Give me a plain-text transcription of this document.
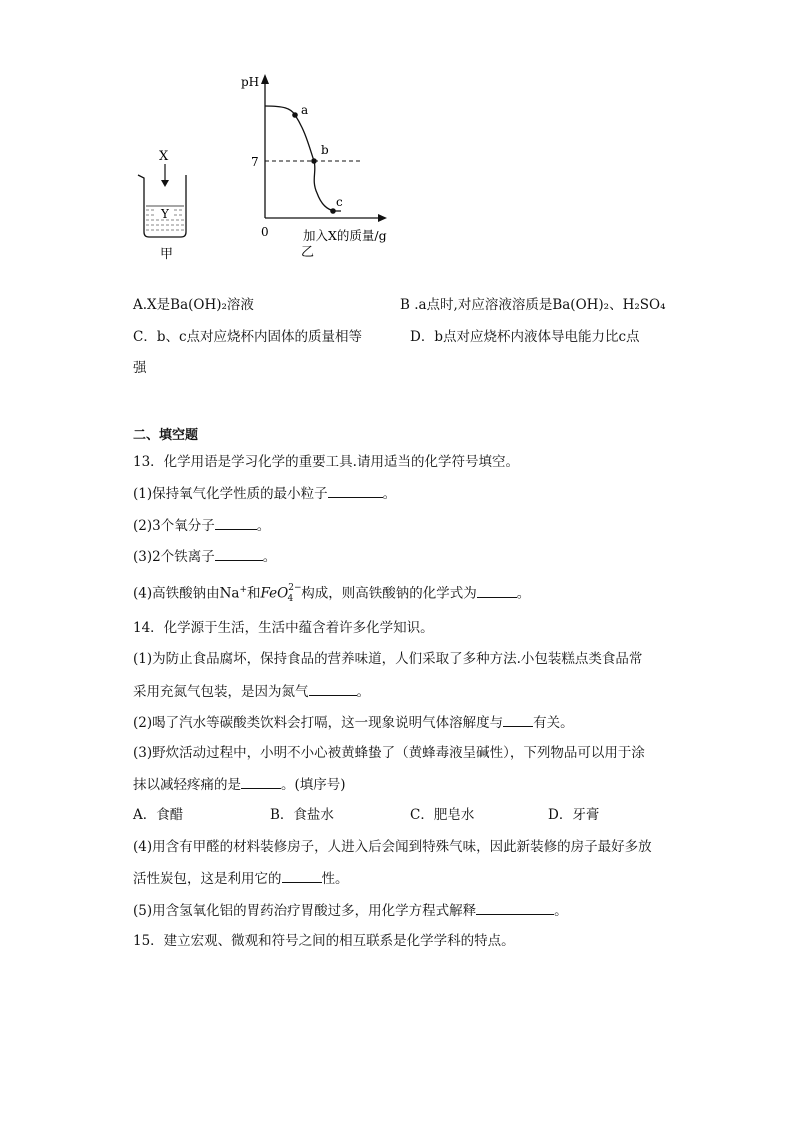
X
Y
甲
pH
7
0
a
b
c
加入X的质量/g
乙
A.X是Ba(OH)₂溶液	B .a点时,对应溶液溶质是Ba(OH)₂、H₂SO₄
C．b、c点对应烧杯内固体的质量相等	D．b点对应烧杯内液体导电能力比c点
强
二、填空题
13．化学用语是学习化学的重要工具.请用适当的化学符号填空。
(1)保持氧气化学性质的最小粒子	。
(2)3个氧分子	。
(3)2个铁离子	。
(4)高铁酸钠由Na+和FeO$^{2-}_4$ 构成，则高铁酸钠的化学式为	。
14．化学源于生活，生活中蕴含着许多化学知识。
(1)为防止食品腐坏，保持食品的营养味道，人们采取了多种方法.小包装糕点类食品常
采用充氮气包装，是因为氮气	。
(2)喝了汽水等碳酸类饮料会打嗝，这一现象说明气体溶解度与 有关。
(3)野炊活动过程中，小明不小心被黄蜂蛰了（黄蜂毒液呈碱性），下列物品可以用于涂
抹以减轻疼痛的是	。(填序号)
A．食醋	B．食盐水	C．肥皂水	D．牙膏
(4)用含有甲醛的材料装修房子，人进入后会闻到特殊气味，因此新装修的房子最好多放
活性炭包，这是利用它的	性。
(5)用含氢氧化铝的胃药治疗胃酸过多，用化学方程式解释	。
15．建立宏观、微观和符号之间的相互联系是化学学科的特点。
